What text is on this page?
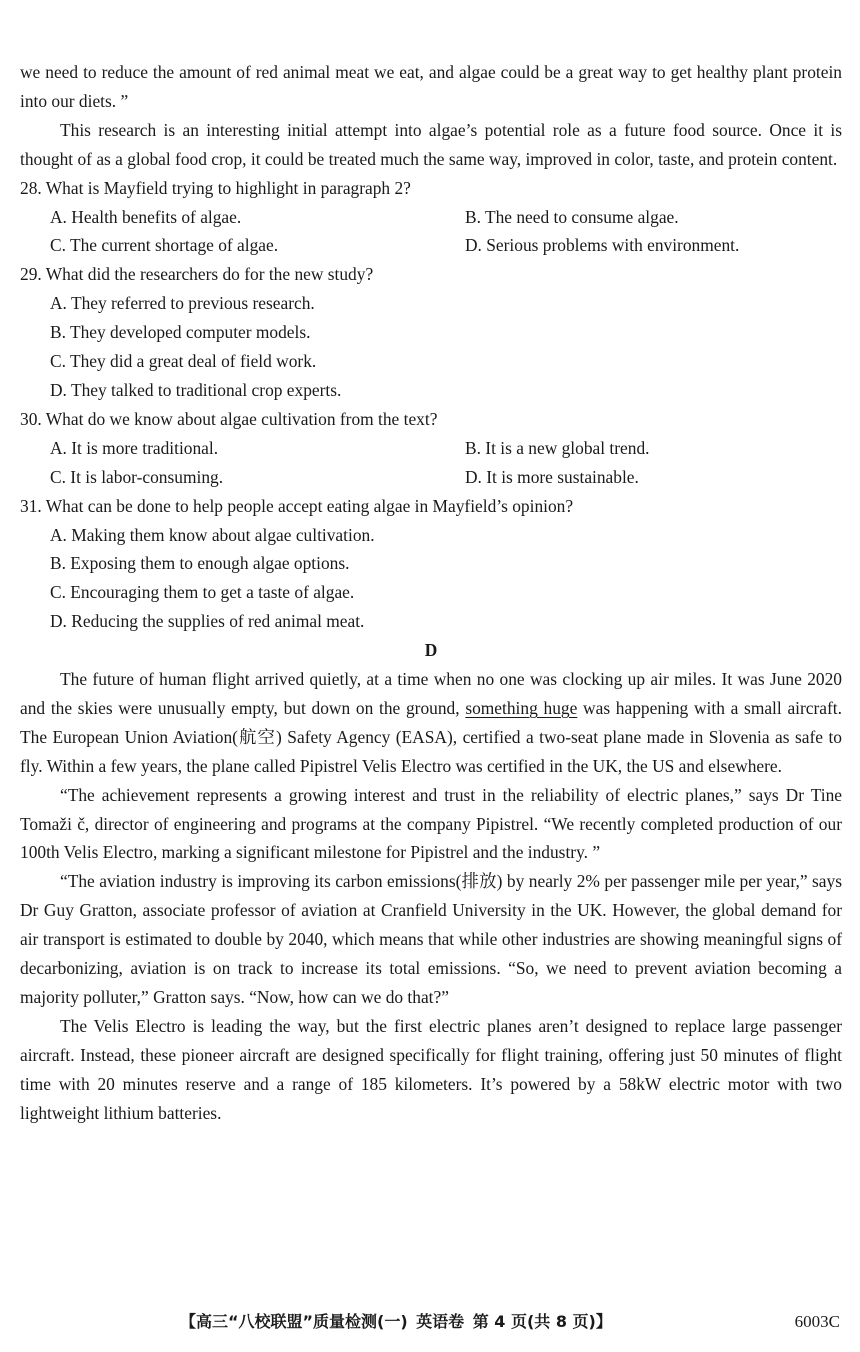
we need to reduce the amount of red animal meat we eat, and algae could be a great way to get healthy plant protein into our diets. ”

This research is an interesting initial attempt into algae’s potential role as a future food source. Once it is thought of as a global food crop, it could be treated much the same way, improved in color, taste, and protein content.

28. What is Mayfield trying to highlight in paragraph 2?

A. Health benefits of algae.	B. The need to consume algae.
C. The current shortage of algae.	D. Serious problems with environment.

29. What did the researchers do for the new study?

A. They referred to previous research.
B. They developed computer models.
C. They did a great deal of field work.
D. They talked to traditional crop experts.

30. What do we know about algae cultivation from the text?

A. It is more traditional.	B. It is a new global trend.
C. It is labor-consuming.	D. It is more sustainable.

31. What can be done to help people accept eating algae in Mayfield’s opinion?

A. Making them know about algae cultivation.
B. Exposing them to enough algae options.
C. Encouraging them to get a taste of algae.
D. Reducing the supplies of red animal meat.

D

The future of human flight arrived quietly, at a time when no one was clocking up air miles. It was June 2020 and the skies were unusually empty, but down on the ground, something huge was happening with a small aircraft. The European Union Aviation(航空) Safety Agency (EASA), certified a two-seat plane made in Slovenia as safe to fly. Within a few years, the plane called Pipistrel Velis Electro was certified in the UK, the US and elsewhere.

“The achievement represents a growing interest and trust in the reliability of electric planes,” says Dr Tine Tomaži č, director of engineering and programs at the company Pipistrel. “We recently completed production of our 100th Velis Electro, marking a significant milestone for Pipistrel and the industry. ”

“The aviation industry is improving its carbon emissions(排放) by nearly 2% per passenger mile per year,” says Dr Guy Gratton, associate professor of aviation at Cranfield University in the UK. However, the global demand for air transport is estimated to double by 2040, which means that while other industries are showing meaningful signs of decarbonizing, aviation is on track to increase its total emissions. “So, we need to prevent aviation becoming a majority polluter,” Gratton says. “Now, how can we do that?”

The Velis Electro is leading the way, but the first electric planes aren’t designed to replace large passenger aircraft. Instead, these pioneer aircraft are designed specifically for flight training, offering just 50 minutes of flight time with 20 minutes reserve and a range of 185 kilometers. It’s powered by a 58kW electric motor with two lightweight lithium batteries.

【高三“八校联盟”质量检测(一) 英语卷 第 4 页(共 8 页)】	6003C
